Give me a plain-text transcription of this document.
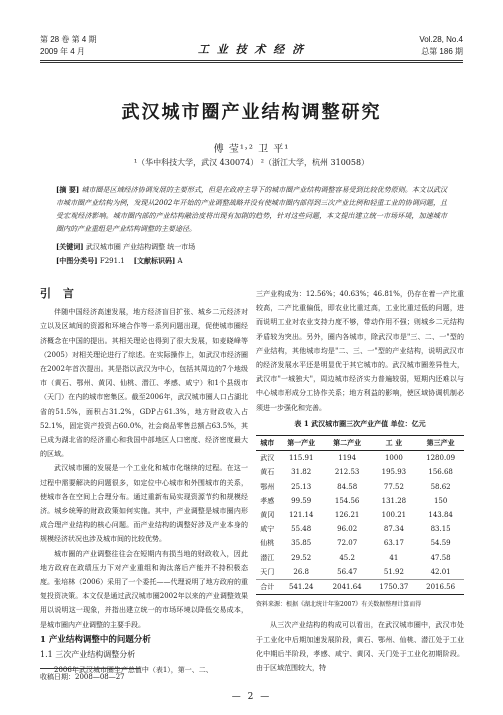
第 28 卷 第 4 期
2009 年 4 月	工 业 技 术 经 济
Vol.28, No.4
总第 186 期
武汉城市圈产业结构调整研究
傅 莹¹˒² 卫 平¹
¹（华中科技大学，武汉 430074） ²（浙江大学，杭州 310058）
[摘 要] 城市圈是区域经济协调发展的主要形式，但是在政府主导下的城市圈产业结构调整容易受到比较优势原则。本文以武汉市城市圈产业结构为例，发现从2002年开始的产业调整战略并没有使城市圈内部得到三次产业比例和轻重工业的协调问题，且受宏观经济影响。城市圈内部的产业结构融洽度将出现有加剧的趋势，针对这些问题，本文提出建立统一市场环境，加速城市圈内的产业重组是产业结构调整的主要途径。
[关键词] 武汉城市圈 产业结构调整 统一市场
[中图分类号] F291.1 [文献标识码] A
引 言

伴随中国经济高速发展，地方经济盲目扩张、城乡二元经济对立以及区域间的资源和环境合作等一系列问题出现，促使城市圈经济概念在中国的提出。其相关理论也得到了很大发展，如麦晓峰等（2005）对相关理论进行了综述。在实际操作上，如武汉市经济圈在2002年首次提出。其是指以武汉为中心，包括其周边的7个地级市（黄石、鄂州、黄冈、仙桃、潜江、孝感、咸宁）和1个县级市（天门）在内的城市密集区。截至2006年，武汉城市圈人口占湖北省的51.5%，面积占31.2%，GDP占61.3%，地方财政收入占52.1%，固定资产投资占60.0%，社会商品零售总额占63.5%，其已成为湖北省的经济重心和我国中部地区人口密度、经济密度最大的区域。

武汉城市圈的发展是一个工业化和城市化继续的过程。在这一过程中需要解决的问题很多，如定位中心城市和外围城市的关系，使城市各在空间上合理分布。通过重新布局实现资源节约和规模经济。城乡统筹的财政政策如何实施。其中，产业调整是城市圈内形成合理产业结构的核心问题。而产业结构的调整好涉及产业本身的规模经济状况也涉及城市间的比较优势。

城市圈的产业调整往往会在短期内有损当地的财政收入，因此地方政府在政绩压力下对产业重组和淘汰落后产能并不持积极态度。张培林（2006）采用了一个委托——代理说明了地方政府的重复投资决策。本文仅是通过武汉城市圈2002年以来的产业调整效果用以说明这一现象，并指出建立统一的市场环境以降低交易成本，是城市圈内产业调整的主要手段。

1 产业结构调整中的问题分析
1.1 三次产业结构调整分析

2006年武汉城市圈生产总值中（表1），第一、二、

收稿日期：2008—08—27

三产业构成为：12.56%；40.63%；46.81%，仍存在着一产比重较高，二产比重偏低，即农业比重过高，工业比重过低的问题，进而说明工业对农业支持力度不够，带动作用不强；则城乡二元结构矛盾较为突出。另外，圈内各城市，除武汉市是"三、二、一"型的产业结构，其他城市均是"二、三、一"型的产业结构，说明武汉市的经济发展水平还是明显优于其它城市的。武汉城市圈差异性大，武汉市"一城独大"，周边城市经济实力普遍较弱，短期内还难以与中心城市形成分工协作关系；地方利益的影响，使区域协调机制必须进一步强化和完善。

表 1 武汉城市圈三次产业产值 单位：亿元
城市	第一产业	第二产业	工 业	第三产业
武汉	115.91	1194	1000	1280.09
黄石	31.82	212.53	195.93	156.68
鄂州	25.13	84.58	77.52	58.62
孝感	99.59	154.56	131.28	150
黄冈	121.14	126.21	100.21	143.84
咸宁	55.48	96.02	87.34	83.15
仙桃	35.85	72.07	63.17	54.59
潜江	29.52	45.2	41	47.58
天门	26.8	56.47	51.92	42.01
合计	541.24	2041.64	1750.37	2016.56
资料来源：根据《湖北统计年鉴2007》有关数据整理计算而得

从三次产业结构的构成可以看出，在武汉城市圈中，武汉市处于工业化中后期加速发展阶段，黄石、鄂州、仙桃、潜江处于工业化中期后半阶段，孝感、咸宁、黄冈、天门处于工业化初期阶段。由于区域范围较大，特

— 2 —
